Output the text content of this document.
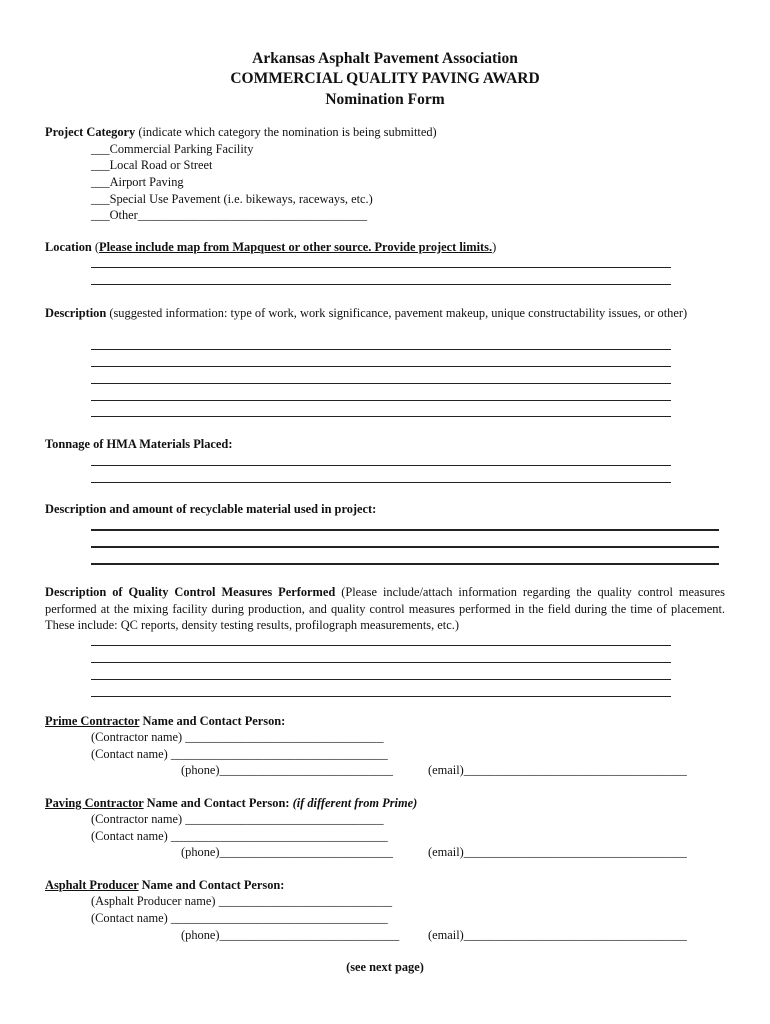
Arkansas Asphalt Pavement Association
COMMERCIAL QUALITY PAVING AWARD
Nomination Form
Project Category (indicate which category the nomination is being submitted)
___Commercial Parking Facility
___Local Road or Street
___Airport Paving
___Special Use Pavement (i.e. bikeways, raceways, etc.)
___Other_____________________________________
Location (Please include map from Mapquest or other source. Provide project limits.)
Description (suggested information: type of work, work significance, pavement makeup, unique constructability issues, or other)
Tonnage of HMA Materials Placed:
Description and amount of recyclable material used in project:
Description of Quality Control Measures Performed (Please include/attach information regarding the quality control measures performed at the mixing facility during production, and quality control measures performed in the field during the time of placement. These include: QC reports, density testing results, profilograph measurements, etc.)
Prime Contractor Name and Contact Person:
(Contractor name) ________________________________
(Contact name) ___________________________________
(phone)____________________________	(email)____________________________________
Paving Contractor Name and Contact Person: (if different from Prime)
(Contractor name) ________________________________
(Contact name) ___________________________________
(phone)____________________________	(email)____________________________________
Asphalt Producer Name and Contact Person:
(Asphalt Producer name) ____________________________
(Contact name) ___________________________________
(phone)_____________________________ (email)____________________________________
(see next page)
